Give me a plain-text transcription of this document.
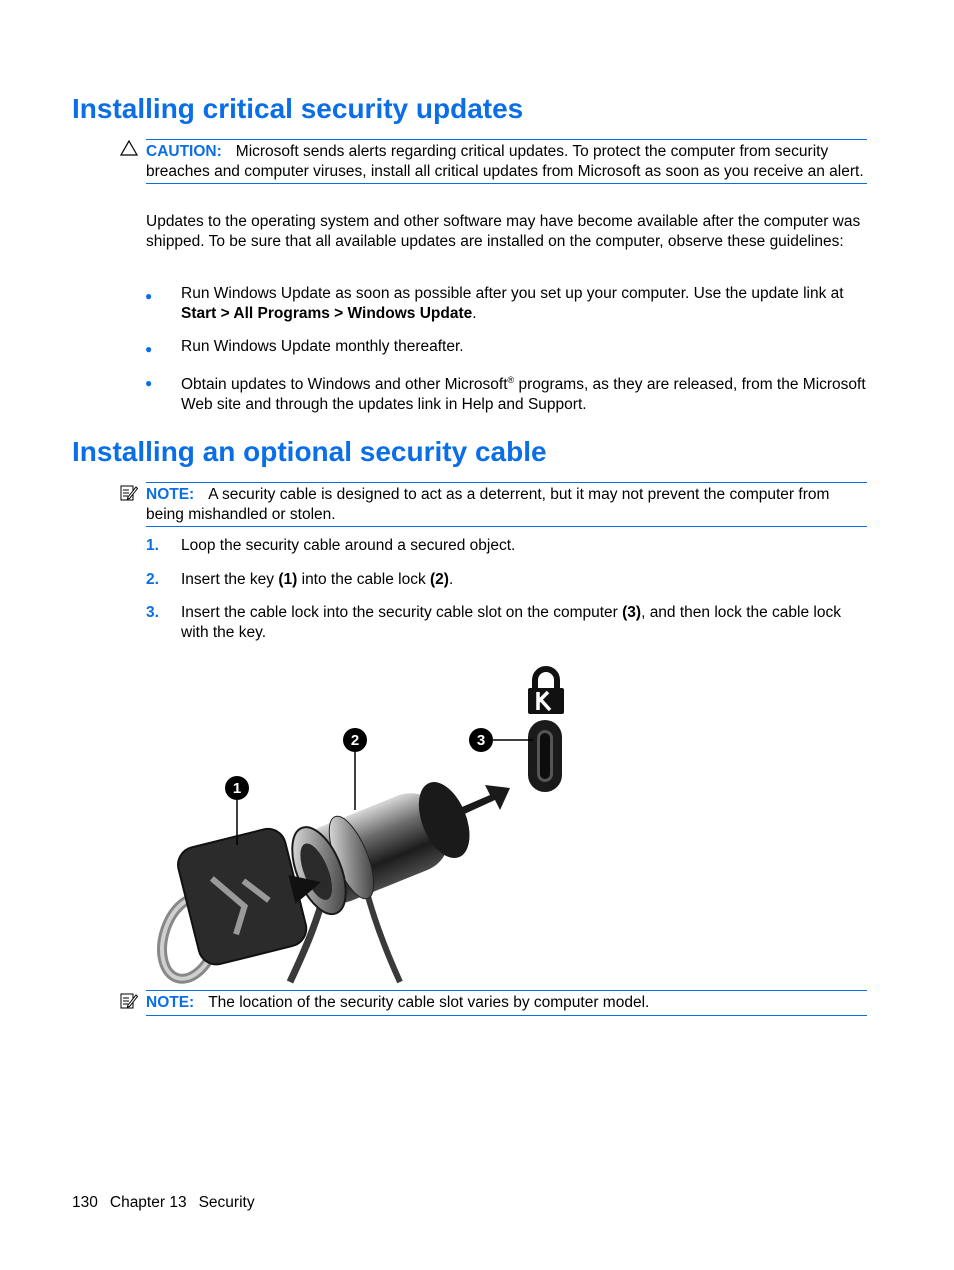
Installing critical security updates
CAUTION: Microsoft sends alerts regarding critical updates. To protect the computer from security breaches and computer viruses, install all critical updates from Microsoft as soon as you receive an alert.
Updates to the operating system and other software may have become available after the computer was shipped. To be sure that all available updates are installed on the computer, observe these guidelines:
● Run Windows Update as soon as possible after you set up your computer. Use the update link at Start > All Programs > Windows Update.
● Run Windows Update monthly thereafter.
● Obtain updates to Windows and other Microsoft® programs, as they are released, from the Microsoft Web site and through the updates link in Help and Support.
Installing an optional security cable
NOTE: A security cable is designed to act as a deterrent, but it may not prevent the computer from being mishandled or stolen.
1. Loop the security cable around a secured object.
2. Insert the key (1) into the cable lock (2).
3. Insert the cable lock into the security cable slot on the computer (3), and then lock the cable lock with the key.
1
2	3
NOTE: The location of the security cable slot varies by computer model.
130 Chapter 13 Security
